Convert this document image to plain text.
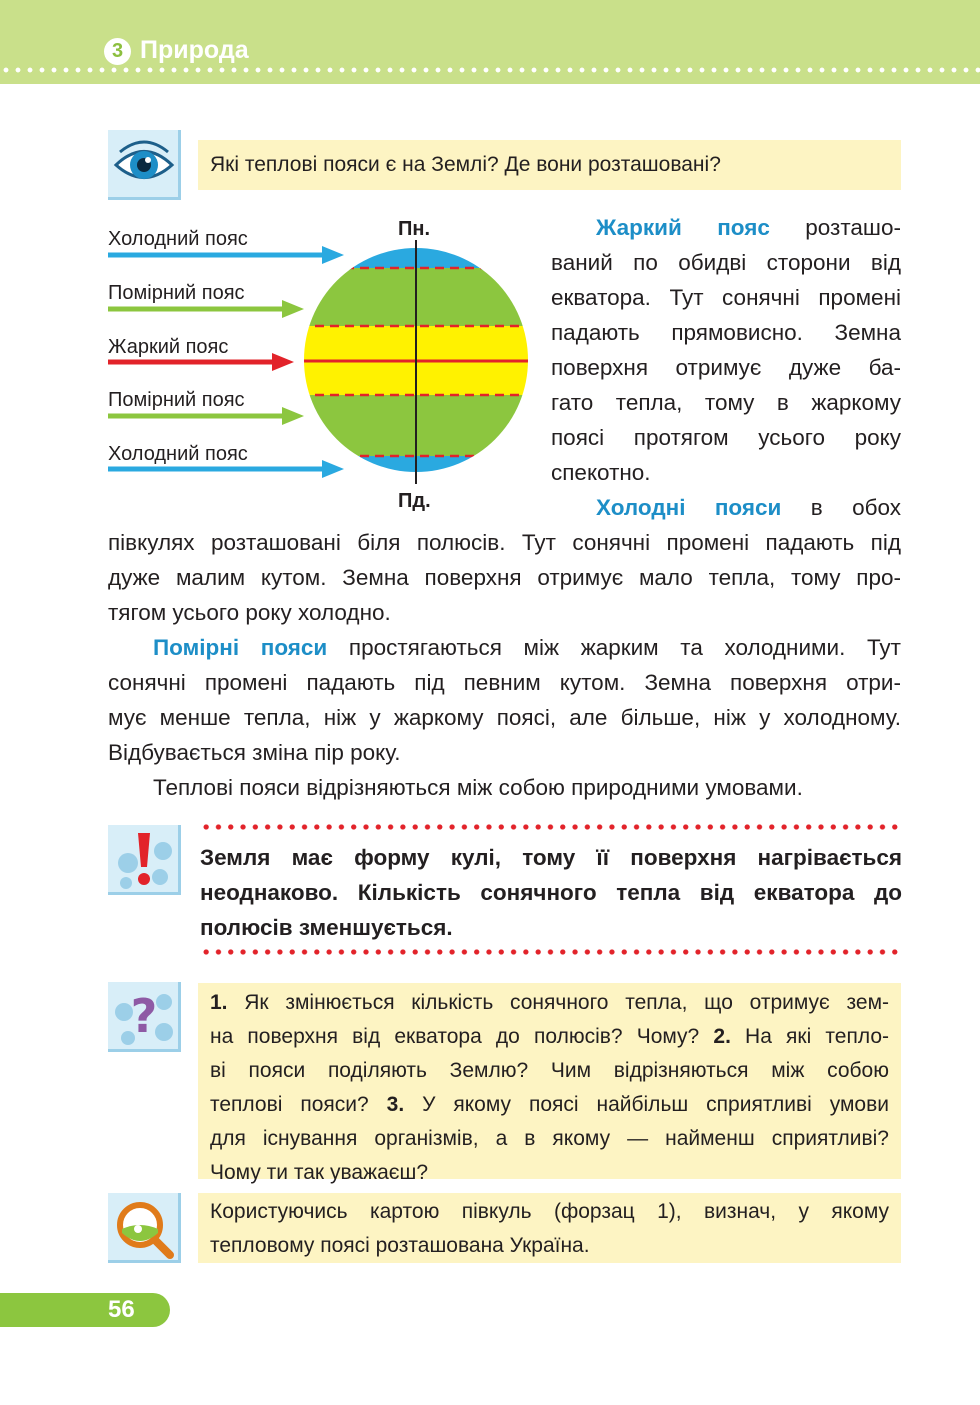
3 Природа
Які теплові пояси є на Землі? Де вони розташовані?
Пн.
Пд.
Холодний пояс
Помірний пояс
Жаркий пояс
Помірний пояс
Холодний пояс
Жаркий пояс розташо-
ваний по обидві сторони від
екватора. Тут сонячні промені
падають прямовисно. Земна
поверхня отримує дуже ба-
гато тепла, тому в жаркому
поясі протягом усього року
спекотно.
Холодні пояси в обох
півкулях розташовані біля полюсів. Тут сонячні промені падають під
дуже малим кутом. Земна поверхня отримує мало тепла, тому про-
тягом усього року холодно.
Помірні пояси простягаються між жарким та холодними. Тут
сонячні промені падають під певним кутом. Земна поверхня отри-
мує менше тепла, ніж у жаркому поясі, але більше, ніж у холодному.
Відбувається зміна пір року.
Теплові пояси відрізняються між собою природними умовами.
Земля має форму кулі, тому її поверхня нагрівається
неоднаково. Кількість сонячного тепла від екватора до
полюсів зменшується.
?	1. Як змінюється кількість сонячного тепла, що отримує зем-
на поверхня від екватора до полюсів? Чому? 2. На які тепло-
ві пояси поділяють Землю? Чим відрізняються між собою
теплові пояси? 3. У якому поясі найбільш сприятливі умови
для існування організмів, а в якому — найменш сприятливі?
Чому ти так уважаєш?
Користуючись картою півкуль (форзац 1), визнач, у якому
тепловому поясі розташована Україна.
56
